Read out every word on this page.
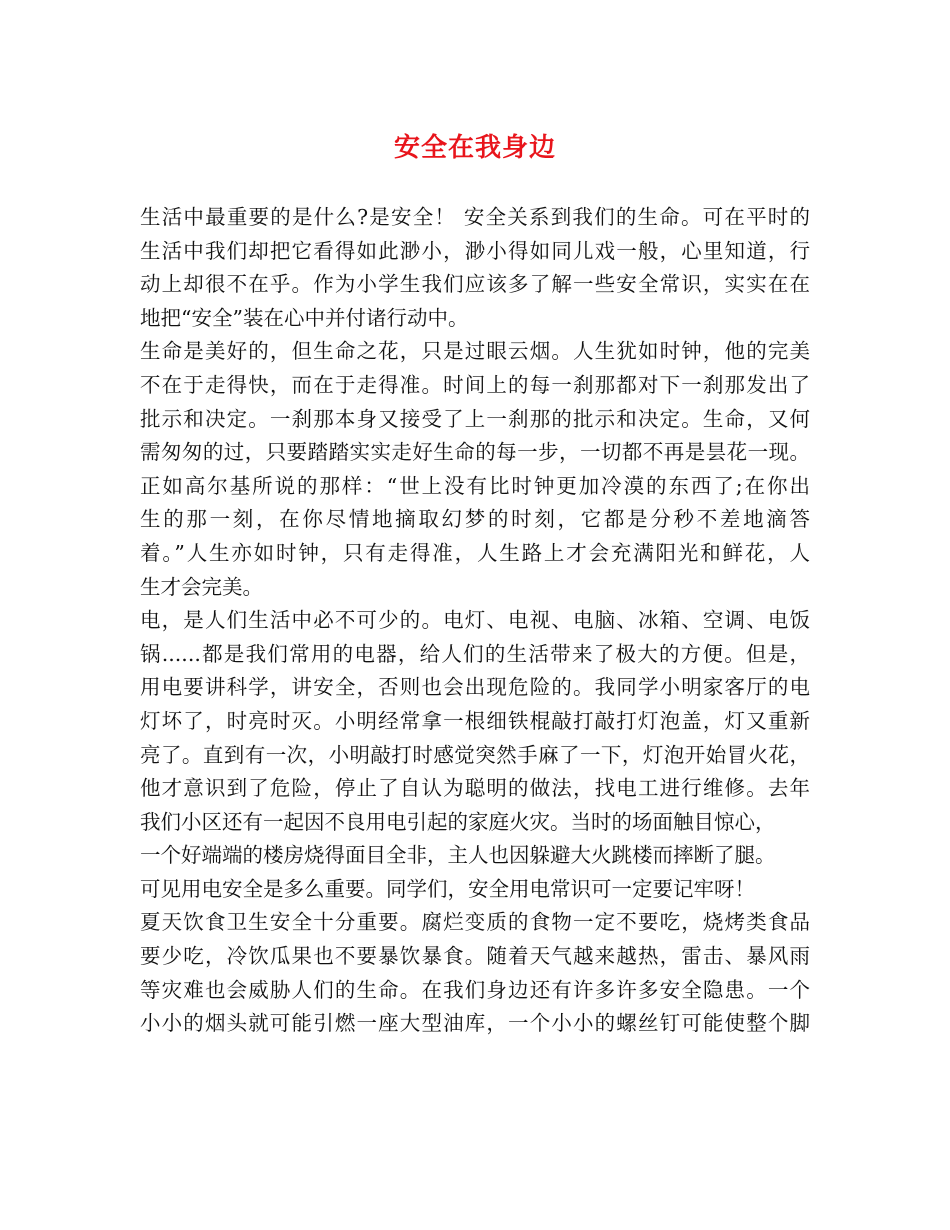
安全在我身边
生活中最重要的是什么?是安全！ 安全关系到我们的生命。可在平时的
生活中我们却把它看得如此渺小，渺小得如同儿戏一般，心里知道，行
动上却很不在乎。作为小学生我们应该多了解一些安全常识，实实在在
地把“安全”装在心中并付诸行动中。
生命是美好的，但生命之花，只是过眼云烟。人生犹如时钟，他的完美
不在于走得快，而在于走得准。时间上的每一刹那都对下一刹那发出了
批示和决定。一刹那本身又接受了上一刹那的批示和决定。生命，又何
需匆匆的过，只要踏踏实实走好生命的每一步，一切都不再是昙花一现。
正如高尔基所说的那样：“世上没有比时钟更加冷漠的东西了;在你出
生的那一刻，在你尽情地摘取幻梦的时刻，它都是分秒不差地滴答
着。”人生亦如时钟，只有走得准，人生路上才会充满阳光和鲜花，人
生才会完美。
电，是人们生活中必不可少的。电灯、电视、电脑、冰箱、空调、电饭
锅......都是我们常用的电器，给人们的生活带来了极大的方便。但是，
用电要讲科学，讲安全，否则也会出现危险的。我同学小明家客厅的电
灯坏了，时亮时灭。小明经常拿一根细铁棍敲打敲打灯泡盖，灯又重新
亮了。直到有一次，小明敲打时感觉突然手麻了一下，灯泡开始冒火花，
他才意识到了危险，停止了自认为聪明的做法，找电工进行维修。去年
我们小区还有一起因不良用电引起的家庭火灾。当时的场面触目惊心，
一个好端端的楼房烧得面目全非，主人也因躲避大火跳楼而摔断了腿。
可见用电安全是多么重要。同学们，安全用电常识可一定要记牢呀！
夏天饮食卫生安全十分重要。腐烂变质的食物一定不要吃，烧烤类食品
要少吃，冷饮瓜果也不要暴饮暴食。随着天气越来越热，雷击、暴风雨
等灾难也会威胁人们的生命。在我们身边还有许多许多安全隐患。一个
小小的烟头就可能引燃一座大型油库，一个小小的螺丝钉可能使整个脚
